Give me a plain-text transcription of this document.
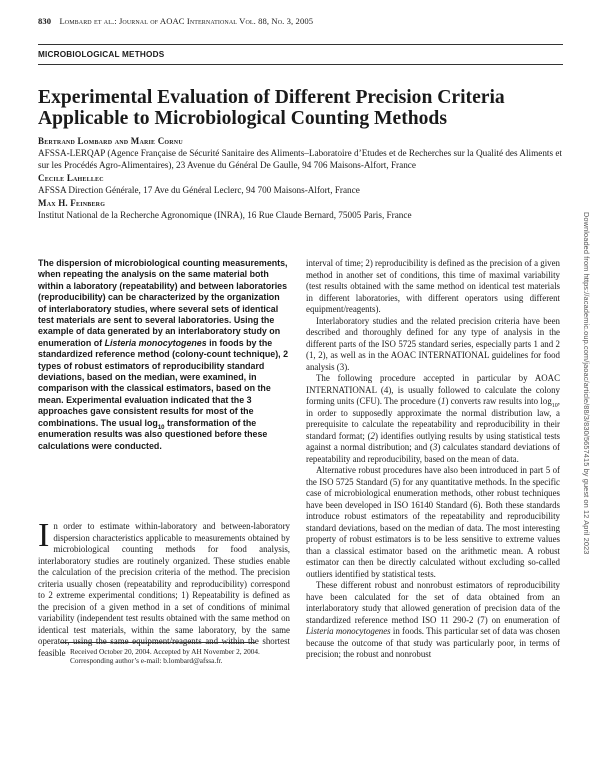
830 Lombard et al.: Journal of AOAC International Vol. 88, No. 3, 2005
MICROBIOLOGICAL METHODS
Experimental Evaluation of Different Precision Criteria Applicable to Microbiological Counting Methods
Bertrand Lombard and Marie Cornu
AFSSA-LERQAP (Agence Française de Sécurité Sanitaire des Aliments–Laboratoire d’Etudes et de Recherches sur la Qualité des Aliments et sur les Procédés Agro-Alimentaires), 23 Avenue du Général De Gaulle, 94 706 Maisons-Alfort, France
Cecile Lahellec
AFSSA Direction Générale, 17 Ave du Général Leclerc, 94 700 Maisons-Alfort, France
Max H. Feinberg
Institut National de la Recherche Agronomique (INRA), 16 Rue Claude Bernard, 75005 Paris, France	Downloaded from https://academic.oup.com/jaoac/article/88/3/830/5657415 by guest on 12 April 2023

The dispersion of microbiological counting measurements, when repeating the analysis on the same material both within a laboratory (repeatability) and between laboratories (reproducibility) can be characterized by the organization of interlaboratory studies, where several sets of identical test materials are sent to several laboratories. Using the example of data generated by an interlaboratory study on enumeration of Listeria monocytogenes in foods by the standardized reference method (colony-count technique), 2 types of robust estimators of reproducibility standard deviations, based on the median, were examined, in comparison with the classical estimators, based on the mean. Experimental evaluation indicated that the 3 approaches gave consistent results for most of the combinations. The usual $\log_{10}$ transformation of the enumeration results was also questioned before these calculations were conducted.

In order to estimate within-laboratory and between-laboratory dispersion characteristics applicable to measurements obtained by microbiological counting methods for food analysis, interlaboratory studies are routinely organized. These studies enable the calculation of the precision criteria of the method. The precision criteria usually chosen (repeatability and reproducibility) correspond to 2 extreme experimental conditions; 1) Repeatability is defined as the precision of a given method in a set of conditions of minimal variability (independent test results obtained with the same method on identical test materials, within the same laboratory, by the same operator, using the same equipment/reagents and within the shortest feasible

interval of time; 2) reproducibility is defined as the precision of a given method in another set of conditions, this time of maximal variability (test results obtained with the same method on identical test materials in different laboratories, with different operators using different equipment/reagents).

Interlaboratory studies and the related precision criteria have been described and thoroughly defined for any type of analysis in the different parts of the ISO 5725 standard series, especially parts 1 and 2 (1, 2), as well as in the AOAC INTERNATIONAL guidelines for food analysis (3).

The following procedure accepted in particular by AOAC INTERNATIONAL (4), is usually followed to calculate the colony forming units (CFU). The procedure (1) converts raw results into $\log_{10}$, in order to supposedly approximate the normal distribution law, a prerequisite to calculate the repeatability and reproducibility in their standard format; (2) identifies outlying results by using statistical tests against a normal distribution; and (3) calculates standard deviations of repeatability and reproducibility, based on the mean of data.

Alternative robust procedures have also been introduced in part 5 of the ISO 5725 Standard (5) for any quantitative methods. In the specific case of microbiological enumeration methods, other robust techniques have been developed in ISO 16140 Standard (6). Both these standards introduce robust estimators of the repeatability and reproducibility standard deviations, based on the median of data. The most interesting property of robust estimators is to be less sensitive to extreme values than a classical estimator based on the arithmetic mean. A robust estimator can then be directly calculated without excluding so-called outliers identified by statistical tests.

These different robust and nonrobust estimators of reproducibility have been calculated for the set of data obtained from an interlaboratory study that allowed generation of precision data of the standardized reference method ISO 11 290-2 (7) on enumeration of Listeria monocytogenes in foods. This particular set of data was chosen because the outcome of that study was particularly poor, in terms of precision; the robust and nonrobust

Received October 20, 2004. Accepted by AH November 2, 2004.
Corresponding author’s e-mail: b.lombard@afssa.fr.
